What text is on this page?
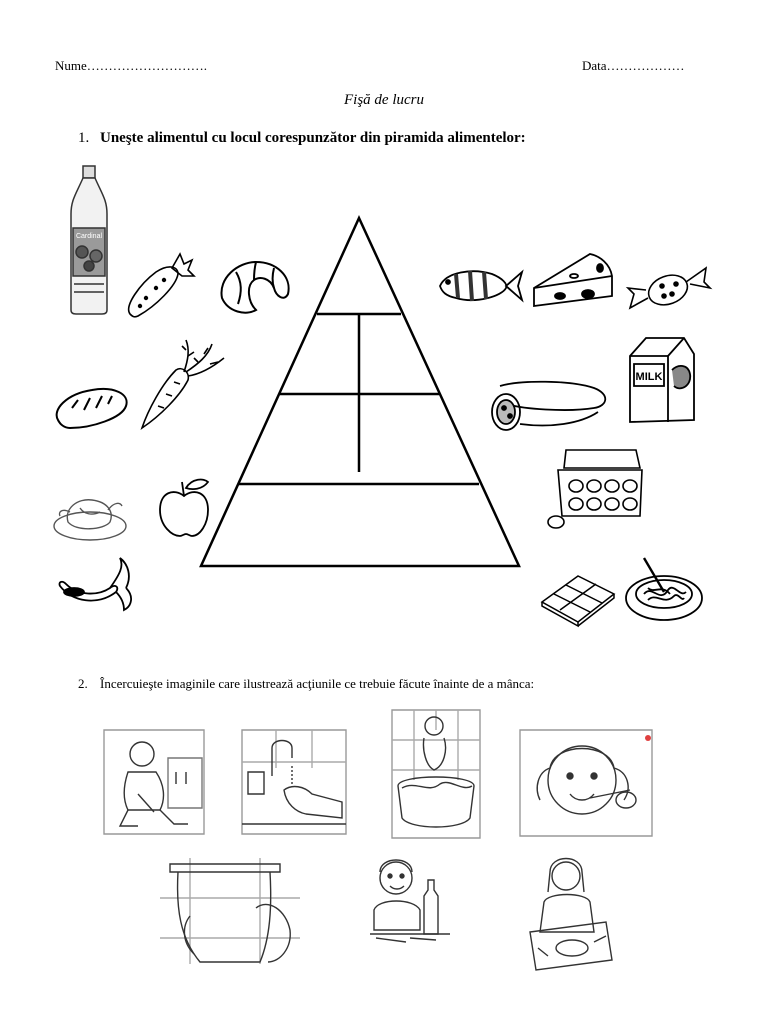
Nume……………………….	Data………………
Fişă de lucru
1. Uneşte alimentul cu locul corespunzător din piramida alimentelor:
Cardinal
MILK
2. Încercuieşte imaginile care ilustrează acţiunile ce trebuie făcute înainte de a mânca:
